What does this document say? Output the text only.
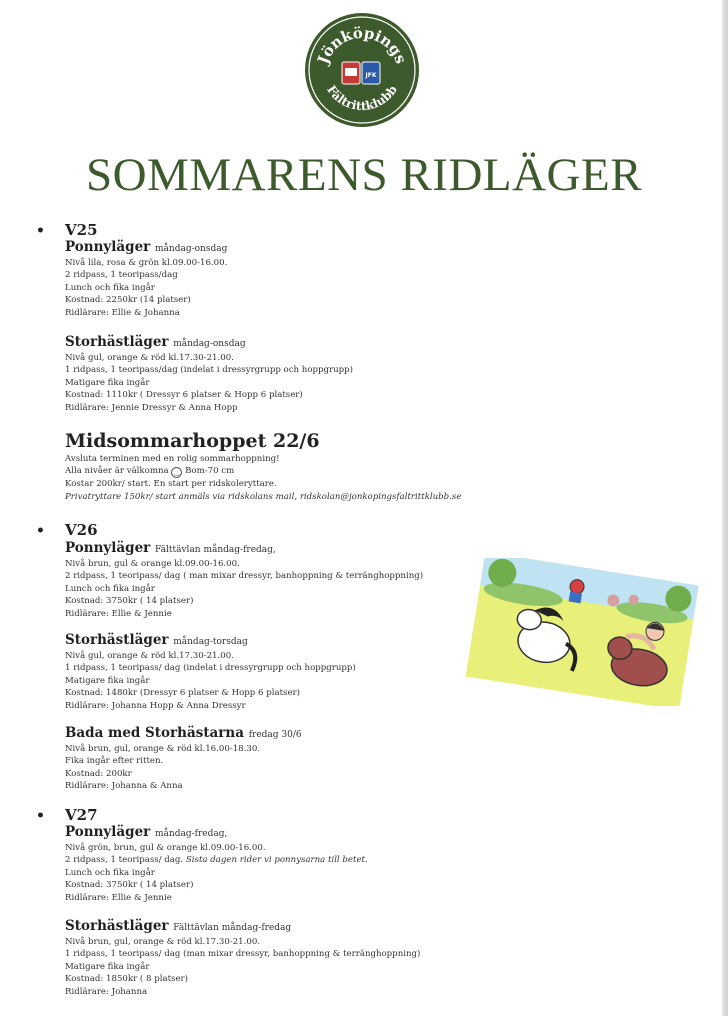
Jönköpings
Fältrittklubb
JFK
SOMMARENS RIDLÄGER
• V25
Ponnyläger måndag-onsdag
Nivå lila, rosa & grön kl.09.00-16.00.
2 ridpass, 1 teoripass/dag
Lunch och fika ingår
Kostnad: 2250kr (14 platser)
Ridlärare: Ellie & Johanna
Storhästläger måndag-onsdag
Nivå gul, orange & röd kl.17.30-21.00.
1 ridpass, 1 teoripass/dag (indelat i dressyrgrupp och hoppgrupp)
Matigare fika ingår
Kostnad: 1110kr ( Dressyr 6 platser & Hopp 6 platser)
Ridlärare: Jennie Dressyr & Anna Hopp
Midsommarhoppet 22/6
Avsluta terminen med en rolig sommarhoppning!
Alla nivåer är välkomna ‿ Bom-70 cm
Kostar 200kr/ start. En start per ridskoleryttare.
Privatryttare 150kr/ start anmäls via ridskolans mail, ridskolan@jonkopingsfaltrittklubb.se
• V26
Ponnyläger Fälttävlan måndag-fredag,
Nivå brun, gul & orange kl.09.00-16.00.
2 ridpass, 1 teoripass/ dag ( man mixar dressyr, banhoppning & terränghoppning)
Lunch och fika ingår
Kostnad: 3750kr ( 14 platser)
Ridlärare: Ellie & Jennie
Storhästläger måndag-torsdag
Nivå gul, orange & röd kl.17.30-21.00.
1 ridpass, 1 teoripass/ dag (indelat i dressyrgrupp och hoppgrupp)
Matigare fika ingår
Kostnad: 1480kr (Dressyr 6 platser & Hopp 6 platser)
Ridlärare: Johanna Hopp & Anna Dressyr
Bada med Storhästarna fredag 30/6
Nivå brun, gul, orange & röd kl.16.00-18.30.
Fika ingår efter ritten.
Kostnad: 200kr
Ridlärare: Johanna & Anna
• V27
Ponnyläger måndag-fredag,
Nivå grön, brun, gul & orange kl.09.00-16.00.
2 ridpass, 1 teoripass/ dag. Sista dagen rider vi ponnysarna till betet.
Lunch och fika ingår
Kostnad: 3750kr ( 14 platser)
Ridlärare: Ellie & Jennie
Storhästläger Fälttävlan måndag-fredag
Nivå brun, gul, orange & röd kl.17.30-21.00.
1 ridpass, 1 teoripass/ dag (man mixar dressyr, banhoppning & terränghoppning)
Matigare fika ingår
Kostnad: 1850kr ( 8 platser)
Ridlärare: Johanna
